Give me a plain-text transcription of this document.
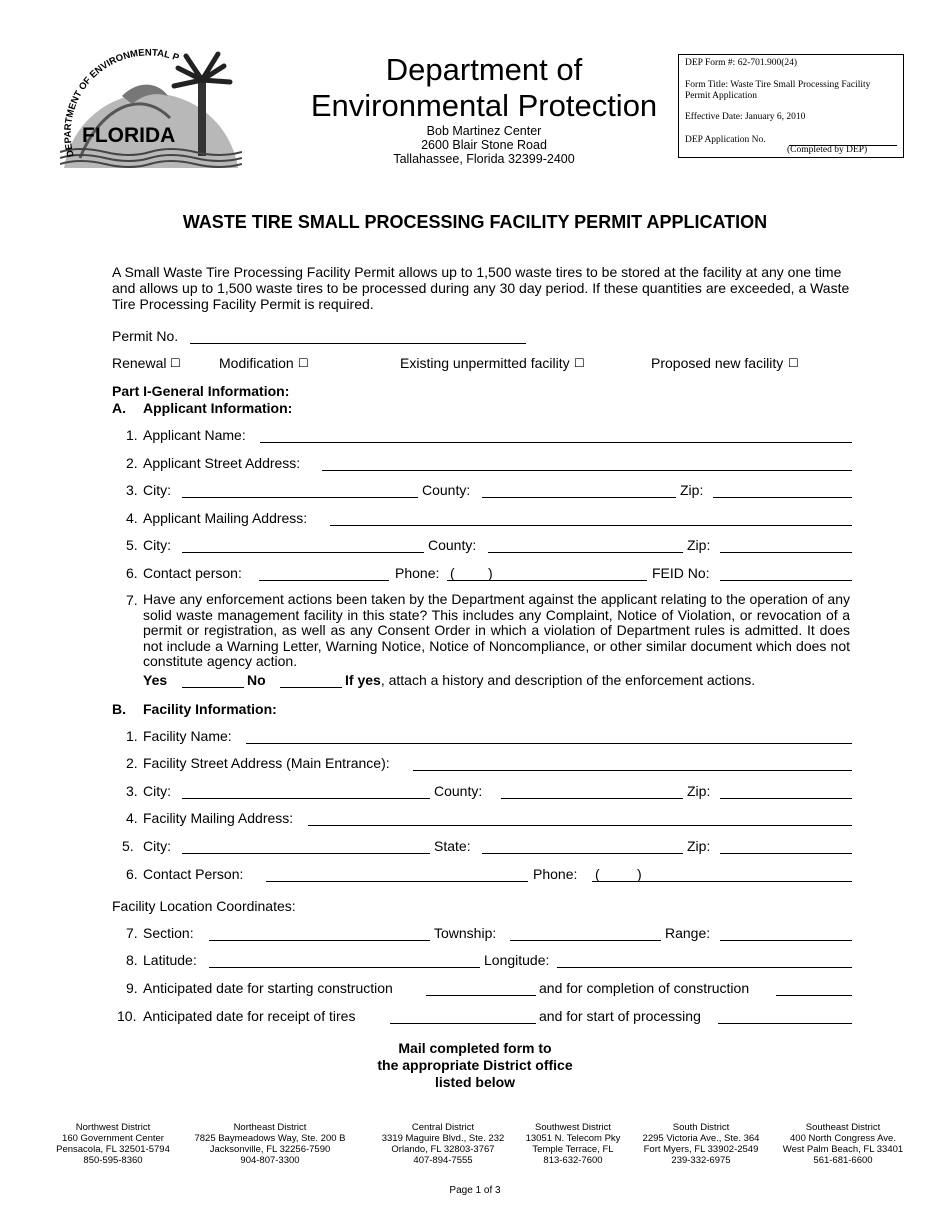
DEPARTMENT OF ENVIRONMENTAL P
FLORIDA
Department of
Environmental Protection
Bob Martinez Center
2600 Blair Stone Road
Tallahassee, Florida 32399-2400
DEP Form #: 62-701.900(24)
Form Title: Waste Tire Small Processing Facility Permit Application
Effective Date: January 6, 2010
DEP Application No.
(Completed by DEP)
WASTE TIRE SMALL PROCESSING FACILITY PERMIT APPLICATION
A Small Waste Tire Processing Facility Permit allows up to 1,500 waste tires to be stored at the facility at any one time and allows up to 1,500 waste tires to be processed during any 30 day period. If these quantities are exceeded, a Waste Tire Processing Facility Permit is required.
Permit No.
Renewal ☐	Modification ☐	Existing unpermitted facility ☐	Proposed new facility ☐
Part I-General Information:
A. Applicant Information:
1. Applicant Name:
2. Applicant Street Address:
3. City:	County:	Zip:
4. Applicant Mailing Address:
5. City:	County:	Zip:
6. Contact person:	Phone: ( )	FEID No:
7. Have any enforcement actions been taken by the Department against the applicant relating to the operation of any solid waste management facility in this state? This includes any Complaint, Notice of Violation, or revocation of a permit or registration, as well as any Consent Order in which a violation of Department rules is admitted. It does not include a Warning Letter, Warning Notice, Notice of Noncompliance, or other similar document which does not constitute agency action.
Yes	No	If yes, attach a history and description of the enforcement actions.
B. Facility Information:
1. Facility Name:
2. Facility Street Address (Main Entrance):
3. City:	County:	Zip:
4. Facility Mailing Address:
5. City:	State:	Zip:
6. Contact Person:	Phone: (	)
Facility Location Coordinates:
7. Section:	Township:	Range:
8. Latitude:	Longitude:
9. Anticipated date for starting construction	and for completion of construction
10. Anticipated date for receipt of tires	and for start of processing
Mail completed form to
the appropriate District office
listed below
Northwest District
160 Government Center
Pensacola, FL 32501-5794
850-595-8360
Northeast District
7825 Baymeadows Way, Ste. 200 B
Jacksonville, FL 32256-7590
904-807-3300
Central District
3319 Maguire Blvd., Ste. 232
Orlando, FL 32803-3767
407-894-7555
Southwest District
13051 N. Telecom Pky
Temple Terrace, FL
813-632-7600
South District
2295 Victoria Ave., Ste. 364
Fort Myers, FL 33902-2549
239-332-6975
Southeast District
400 North Congress Ave.
West Palm Beach, FL 33401
561-681-6600
Page 1 of 3
